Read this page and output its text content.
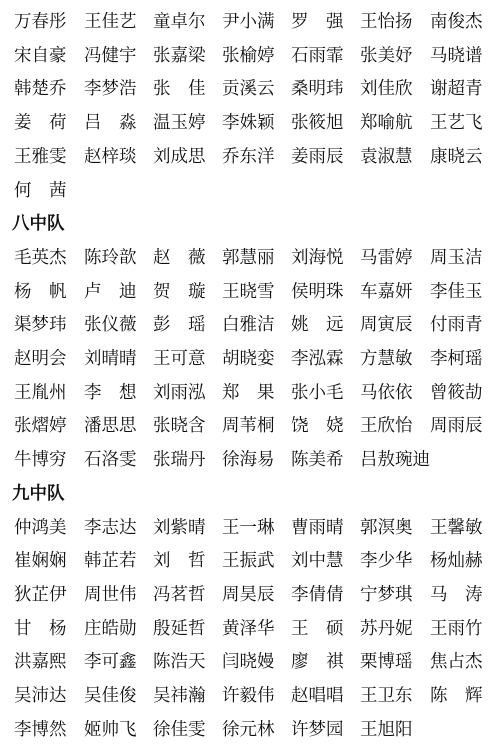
万春彤 王佳艺 童卓尔 尹小满 罗　强 王怡扬 南俊杰
宋自豪 冯健宇 张嘉梁 张榆婷 石雨霏 张美妤 马晓谱
韩楚乔 李梦浩 张　佳 贡溪云 桑明玮 刘佳欣 谢超青
姜　荷 吕　淼 温玉婷 李姝颖 张筱旭 郑喻航 王艺飞
王雅雯 赵梓琰 刘成思 乔东洋 姜雨辰 袁淑慧 康晓云
何　茜
八中队
毛英杰 陈玲歆 赵　薇 郭慧丽 刘海悦 马雷婷 周玉洁
杨　帆 卢　迪 贺　璇 王晓雪 侯明珠 车嘉妍 李佳玉
渠梦玮 张仪薇 彭　瑶 白雅洁 姚　远 周寅辰 付雨青
赵明会 刘晴晴 王可意 胡晓娈 李泓霖 方慧敏 李柯瑶
王胤州 李　想 刘雨泓 郑　果 张小毛 马依依 曾筱劼
张熠婷 潘思思 张晓含 周苇桐 饶　娆 王欣怡 周雨辰
牛博穷 石洛雯 张瑞丹 徐海易 陈美希 吕敖琬迪
九中队
仲鸿美 李志达 刘紫晴 王一琳 曹雨晴 郭溟奥 王馨敏
崔娴娴 韩芷若 刘　哲 王振武 刘中慧 李少华 杨灿赫
狄芷伊 周世伟 冯茗哲 周昊辰 李倩倩 宁梦琪 马　涛
甘　杨 庄皓勋 殷延哲 黄泽华 王　硕 苏丹妮 王雨竹
洪嘉熙 李可鑫 陈浩天 闫晓嫚 廖　祺 栗博瑶 焦占杰
吴沛达 吴佳俊 吴祎瀚 许毅伟 赵唱唱 王卫东 陈　辉
李博然 姬帅飞 徐佳雯 徐元林 许梦园 王旭阳
